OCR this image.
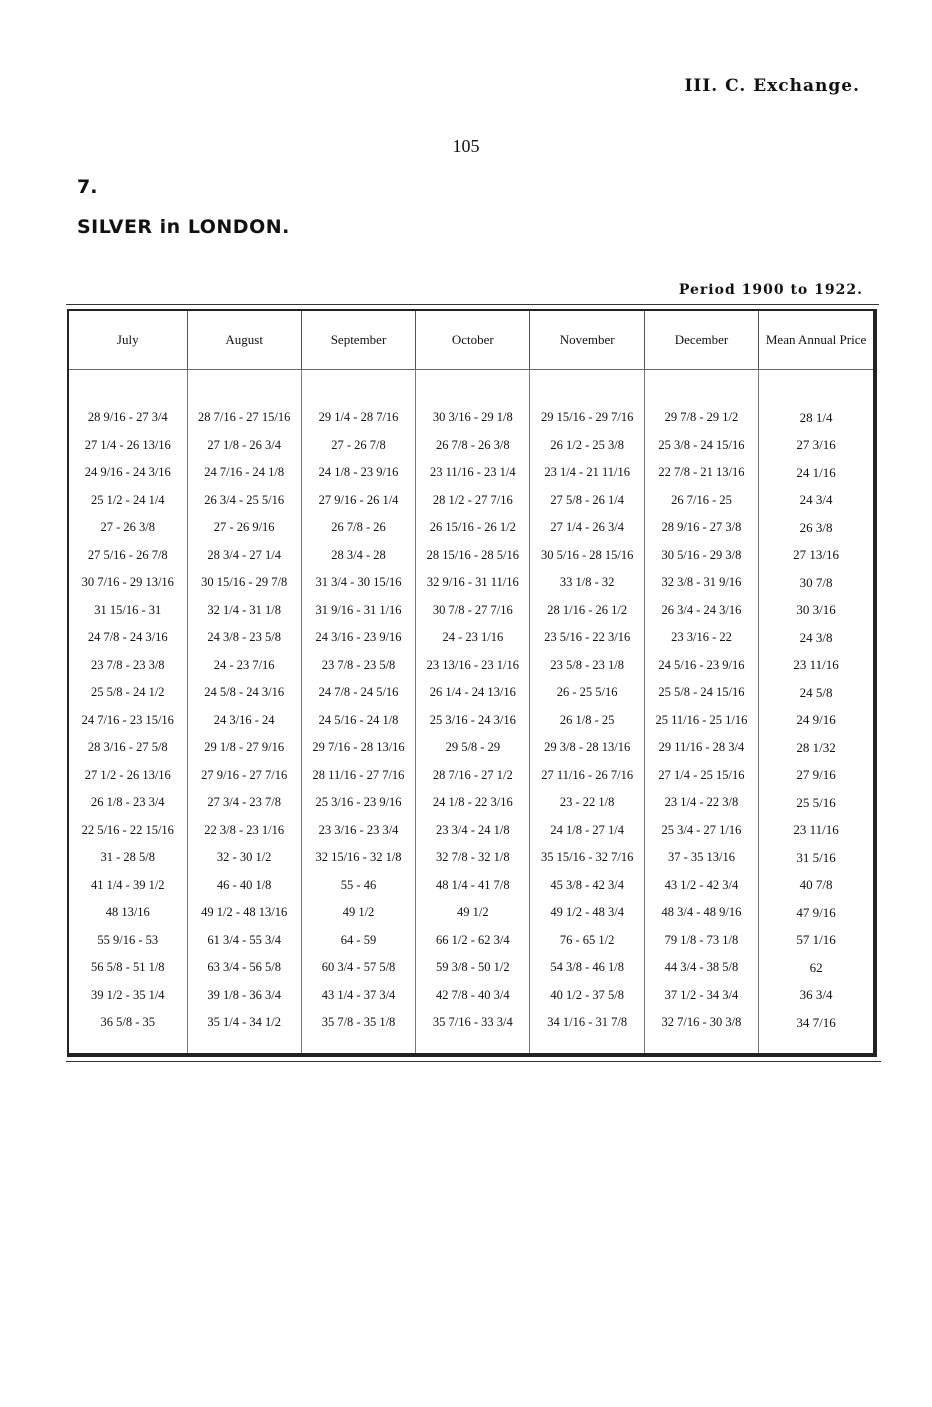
III. C. Exchange.
105
7.
SILVER in LONDON.
Period 1900 to 1922.
July	August	September	October	November	December	Mean Annual Price

28 9/16 - 27 3/4	28 7/16 - 27 15/16	29 1/4 - 28 7/16	30 3/16 - 29 1/8	29 15/16 - 29 7/16	29 7/8 - 29 1/2	28 1/4
27 1/4 - 26 13/16	27 1/8 - 26 3/4	27 - 26 7/8	26 7/8 - 26 3/8	26 1/2 - 25 3/8	25 3/8 - 24 15/16	27 3/16
24 9/16 - 24 3/16	24 7/16 - 24 1/8	24 1/8 - 23 9/16	23 11/16 - 23 1/4	23 1/4 - 21 11/16	22 7/8 - 21 13/16	24 1/16
25 1/2 - 24 1/4	26 3/4 - 25 5/16	27 9/16 - 26 1/4	28 1/2 - 27 7/16	27 5/8 - 26 1/4	26 7/16 - 25	24 3/4
27 - 26 3/8	27 - 26 9/16	26 7/8 - 26	26 15/16 - 26 1/2	27 1/4 - 26 3/4	28 9/16 - 27 3/8	26 3/8
27 5/16 - 26 7/8	28 3/4 - 27 1/4	28 3/4 - 28	28 15/16 - 28 5/16	30 5/16 - 28 15/16	30 5/16 - 29 3/8	27 13/16
30 7/16 - 29 13/16	30 15/16 - 29 7/8	31 3/4 - 30 15/16	32 9/16 - 31 11/16	33 1/8 - 32	32 3/8 - 31 9/16	30 7/8
31 15/16 - 31	32 1/4 - 31 1/8	31 9/16 - 31 1/16	30 7/8 - 27 7/16	28 1/16 - 26 1/2	26 3/4 - 24 3/16	30 3/16
24 7/8 - 24 3/16	24 3/8 - 23 5/8	24 3/16 - 23 9/16	24 - 23 1/16	23 5/16 - 22 3/16	23 3/16 - 22	24 3/8
23 7/8 - 23 3/8	24 - 23 7/16	23 7/8 - 23 5/8	23 13/16 - 23 1/16	23 5/8 - 23 1/8	24 5/16 - 23 9/16	23 11/16
25 5/8 - 24 1/2	24 5/8 - 24 3/16	24 7/8 - 24 5/16	26 1/4 - 24 13/16	26 - 25 5/16	25 5/8 - 24 15/16	24 5/8
24 7/16 - 23 15/16	24 3/16 - 24	24 5/16 - 24 1/8	25 3/16 - 24 3/16	26 1/8 - 25	25 11/16 - 25 1/16	24 9/16
28 3/16 - 27 5/8	29 1/8 - 27 9/16	29 7/16 - 28 13/16	29 5/8 - 29	29 3/8 - 28 13/16	29 11/16 - 28 3/4	28 1/32
27 1/2 - 26 13/16	27 9/16 - 27 7/16	28 11/16 - 27 7/16	28 7/16 - 27 1/2	27 11/16 - 26 7/16	27 1/4 - 25 15/16	27 9/16
26 1/8 - 23 3/4	27 3/4 - 23 7/8	25 3/16 - 23 9/16	24 1/8 - 22 3/16	23 - 22 1/8	23 1/4 - 22 3/8	25 5/16
22 5/16 - 22 15/16	22 3/8 - 23 1/16	23 3/16 - 23 3/4	23 3/4 - 24 1/8	24 1/8 - 27 1/4	25 3/4 - 27 1/16	23 11/16
31 - 28 5/8	32 - 30 1/2	32 15/16 - 32 1/8	32 7/8 - 32 1/8	35 15/16 - 32 7/16	37 - 35 13/16	31 5/16
41 1/4 - 39 1/2	46 - 40 1/8	55 - 46	48 1/4 - 41 7/8	45 3/8 - 42 3/4	43 1/2 - 42 3/4	40 7/8
48 13/16	49 1/2 - 48 13/16	49 1/2	49 1/2	49 1/2 - 48 3/4	48 3/4 - 48 9/16	47 9/16
55 9/16 - 53	61 3/4 - 55 3/4	64 - 59	66 1/2 - 62 3/4	76 - 65 1/2	79 1/8 - 73 1/8	57 1/16
56 5/8 - 51 1/8	63 3/4 - 56 5/8	60 3/4 - 57 5/8	59 3/8 - 50 1/2	54 3/8 - 46 1/8	44 3/4 - 38 5/8	62
39 1/2 - 35 1/4	39 1/8 - 36 3/4	43 1/4 - 37 3/4	42 7/8 - 40 3/4	40 1/2 - 37 5/8	37 1/2 - 34 3/4	36 3/4
36 5/8 - 35	35 1/4 - 34 1/2	35 7/8 - 35 1/8	35 7/16 - 33 3/4	34 1/16 - 31 7/8	32 7/16 - 30 3/8	34 7/16
